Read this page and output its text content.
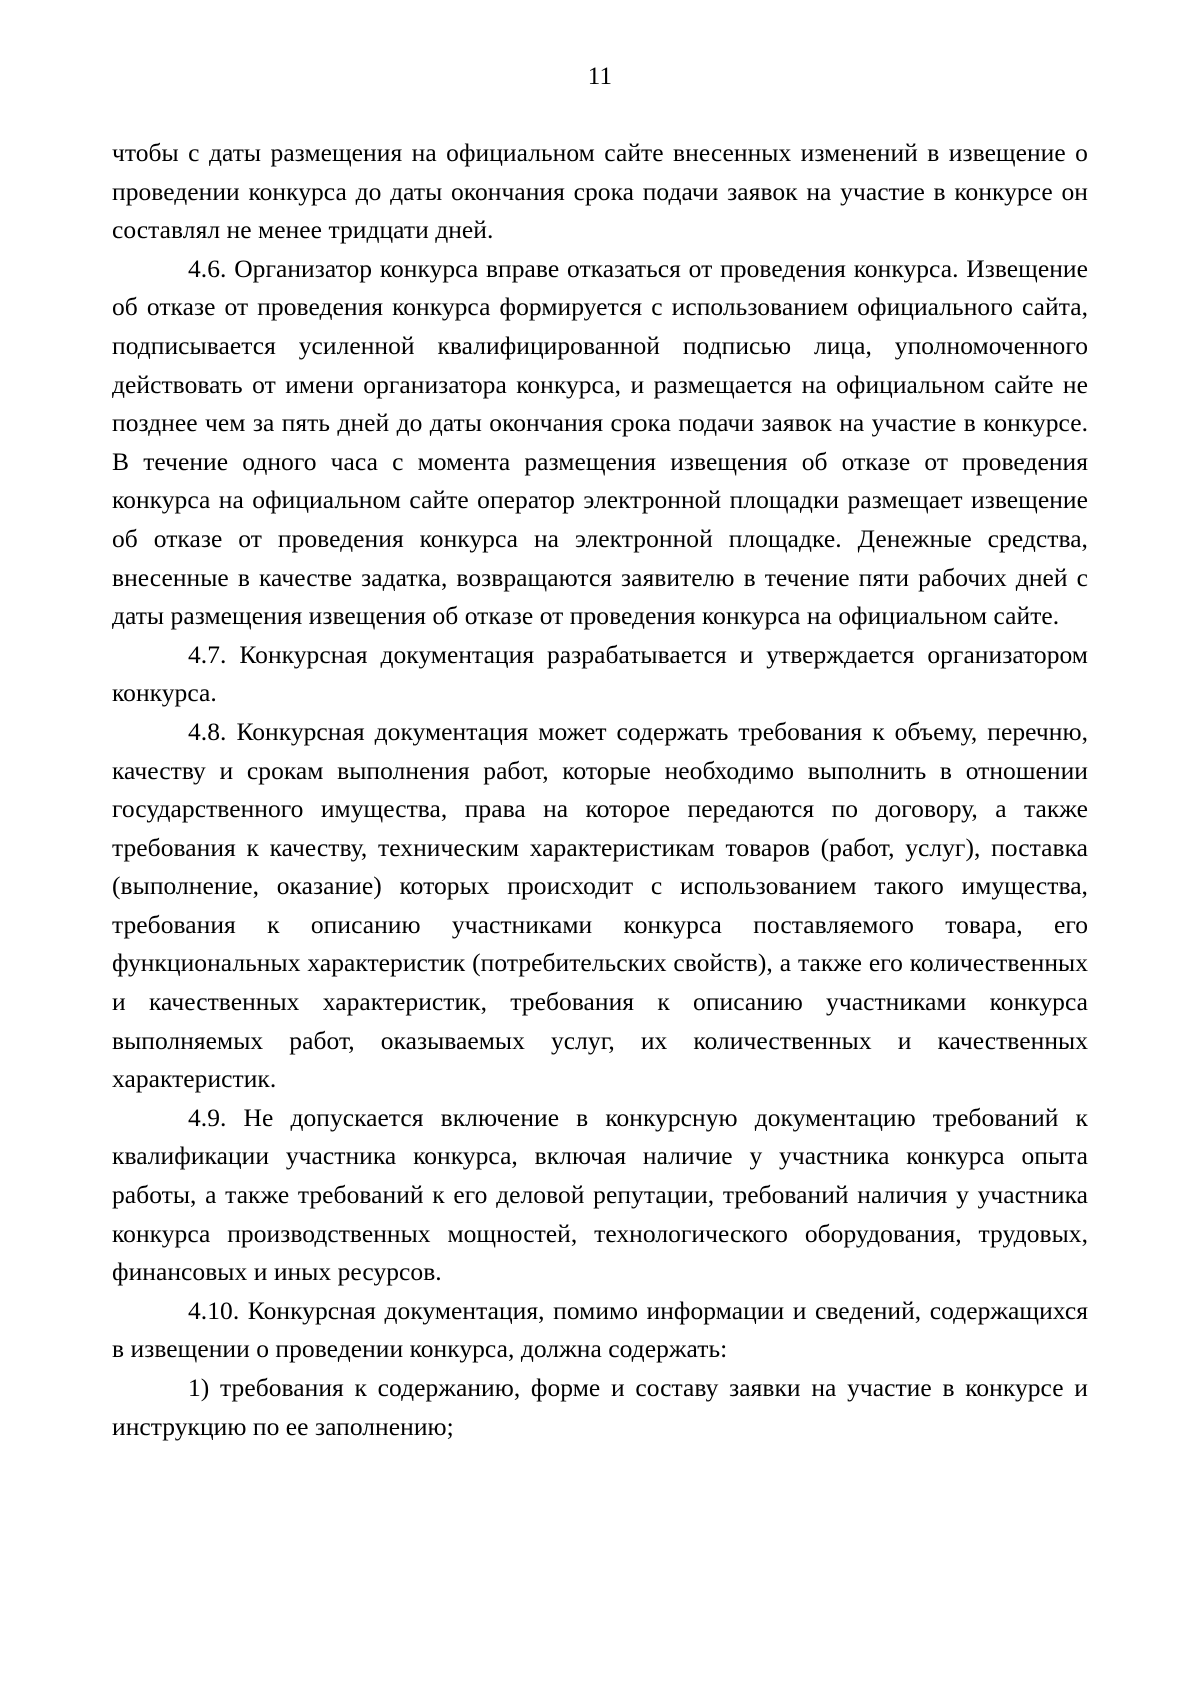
11

чтобы с даты размещения на официальном сайте внесенных изменений в извещение о проведении конкурса до даты окончания срока подачи заявок на участие в конкурсе он составлял не менее тридцати дней.

4.6. Организатор конкурса вправе отказаться от проведения конкурса. Извещение об отказе от проведения конкурса формируется с использованием официального сайта, подписывается усиленной квалифицированной подписью лица, уполномоченного действовать от имени организатора конкурса, и размещается на официальном сайте не позднее чем за пять дней до даты окончания срока подачи заявок на участие в конкурсе. В течение одного часа с момента размещения извещения об отказе от проведения конкурса на официальном сайте оператор электронной площадки размещает извещение об отказе от проведения конкурса на электронной площадке. Денежные средства, внесенные в качестве задатка, возвращаются заявителю в течение пяти рабочих дней с даты размещения извещения об отказе от проведения конкурса на официальном сайте.

4.7. Конкурсная документация разрабатывается и утверждается организатором конкурса.

4.8. Конкурсная документация может содержать требования к объему, перечню, качеству и срокам выполнения работ, которые необходимо выполнить в отношении государственного имущества, права на которое передаются по договору, а также требования к качеству, техническим характеристикам товаров (работ, услуг), поставка (выполнение, оказание) которых происходит с использованием такого имущества, требования к описанию участниками конкурса поставляемого товара, его функциональных характеристик (потребительских свойств), а также его количественных и качественных характеристик, требования к описанию участниками конкурса выполняемых работ, оказываемых услуг, их количественных и качественных характеристик.

4.9. Не допускается включение в конкурсную документацию требований к квалификации участника конкурса, включая наличие у участника конкурса опыта работы, а также требований к его деловой репутации, требований наличия у участника конкурса производственных мощностей, технологического оборудования, трудовых, финансовых и иных ресурсов.

4.10. Конкурсная документация, помимо информации и сведений, содержащихся в извещении о проведении конкурса, должна содержать:

1) требования к содержанию, форме и составу заявки на участие в конкурсе и инструкцию по ее заполнению;
